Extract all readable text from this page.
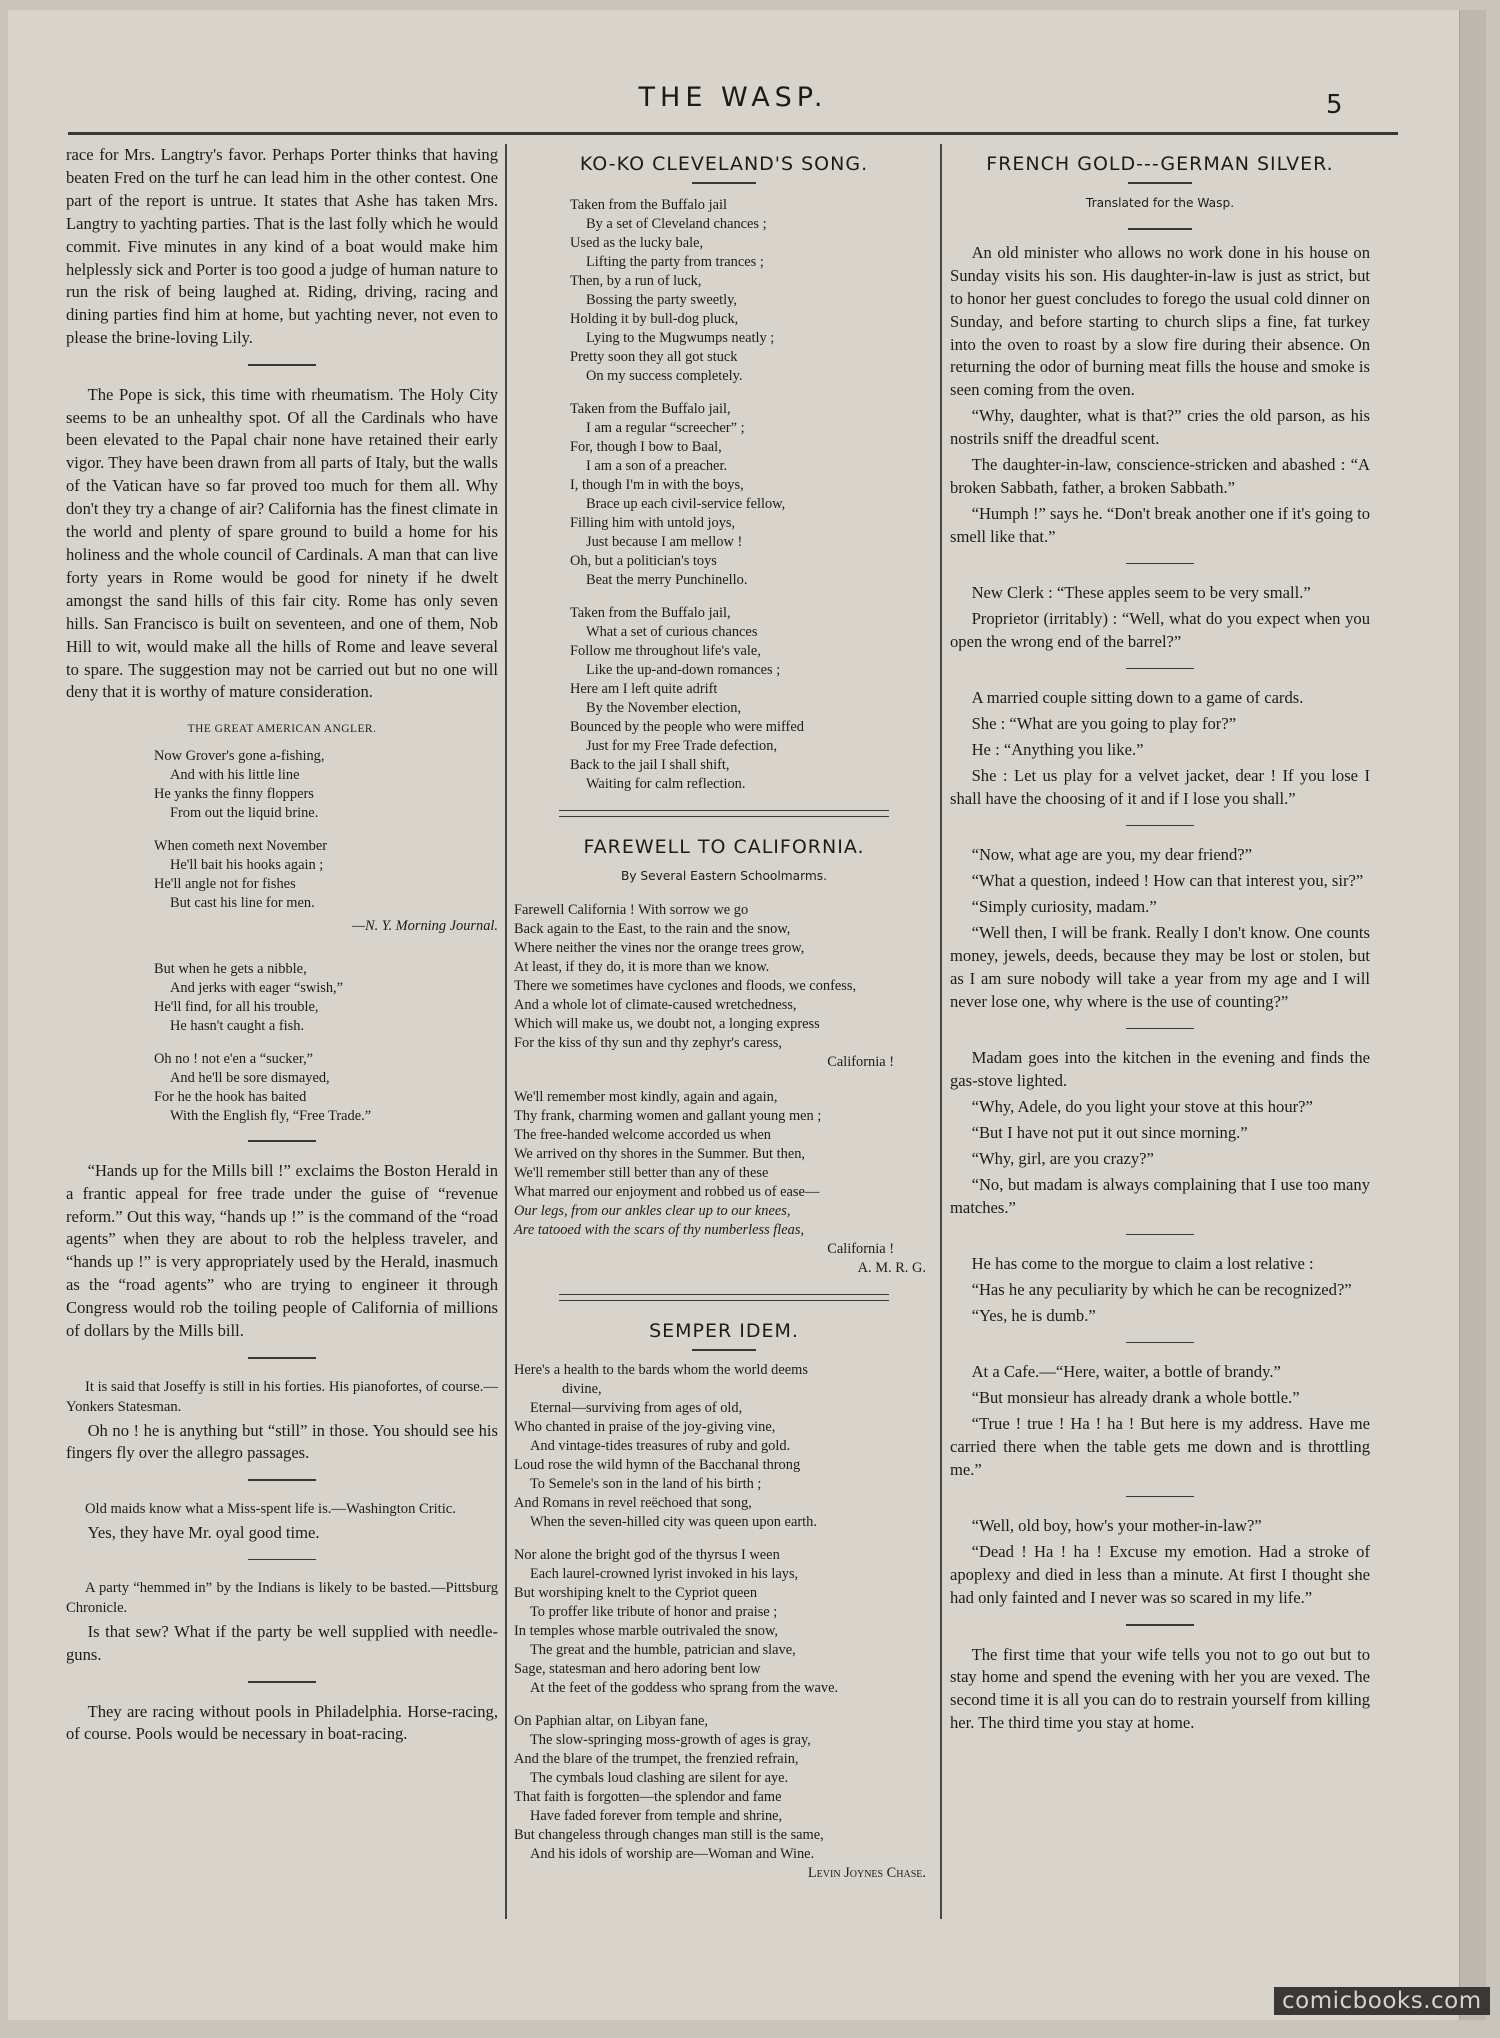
THE WASP.	5

race for Mrs. Langtry's favor. Perhaps Porter thinks that having beaten Fred on the turf he can lead him in the other contest. One part of the report is untrue. It states that Ashe has taken Mrs. Langtry to yachting parties. That is the last folly which he would commit. Five minutes in any kind of a boat would make him helplessly sick and Porter is too good a judge of human nature to run the risk of being laughed at. Riding, driving, racing and dining parties find him at home, but yachting never, not even to please the brine-loving Lily.

The Pope is sick, this time with rheumatism. The Holy City seems to be an unhealthy spot. Of all the Cardinals who have been elevated to the Papal chair none have retained their early vigor. They have been drawn from all parts of Italy, but the walls of the Vatican have so far proved too much for them all. Why don't they try a change of air? California has the finest climate in the world and plenty of spare ground to build a home for his holiness and the whole council of Cardinals. A man that can live forty years in Rome would be good for ninety if he dwelt amongst the sand hills of this fair city. Rome has only seven hills. San Francisco is built on seventeen, and one of them, Nob Hill to wit, would make all the hills of Rome and leave several to spare. The suggestion may not be carried out but no one will deny that it is worthy of mature consideration.

THE GREAT AMERICAN ANGLER.
Now Grover's gone a-fishing,
And with his little line
He yanks the finny floppers
From out the liquid brine.
When cometh next November
He'll bait his hooks again ;
He'll angle not for fishes
But cast his line for men.
—N. Y. Morning Journal.
But when he gets a nibble,
And jerks with eager “swish,”
He'll find, for all his trouble,
He hasn't caught a fish.
Oh no ! not e'en a “sucker,”
And he'll be sore dismayed,
For he the hook has baited
With the English fly, “Free Trade.”

“Hands up for the Mills bill !” exclaims the Boston Herald in a frantic appeal for free trade under the guise of “revenue reform.” Out this way, “hands up !” is the command of the “road agents” when they are about to rob the helpless traveler, and “hands up !” is very appropriately used by the Herald, inasmuch as the “road agents” who are trying to engineer it through Congress would rob the toiling people of California of millions of dollars by the Mills bill.

It is said that Joseffy is still in his forties. His pianofortes, of course.—Yonkers Statesman.

Oh no ! he is anything but “still” in those. You should see his fingers fly over the allegro passages.

Old maids know what a Miss-spent life is.—Washington Critic.

Yes, they have Mr. oyal good time.

A party “hemmed in” by the Indians is likely to be basted.—Pittsburg Chronicle.

Is that sew? What if the party be well supplied with needle-guns.

They are racing without pools in Philadelphia. Horse-racing, of course. Pools would be necessary in boat-racing.

KO-KO CLEVELAND'S SONG.
Taken from the Buffalo jail
By a set of Cleveland chances ;
Used as the lucky bale,
Lifting the party from trances ;
Then, by a run of luck,
Bossing the party sweetly,
Holding it by bull-dog pluck,
Lying to the Mugwumps neatly ;
Pretty soon they all got stuck
On my success completely.
Taken from the Buffalo jail,
I am a regular “screecher” ;
For, though I bow to Baal,
I am a son of a preacher.
I, though I'm in with the boys,
Brace up each civil-service fellow,
Filling him with untold joys,
Just because I am mellow !
Oh, but a politician's toys
Beat the merry Punchinello.
Taken from the Buffalo jail,
What a set of curious chances
Follow me throughout life's vale,
Like the up-and-down romances ;
Here am I left quite adrift
By the November election,
Bounced by the people who were miffed
Just for my Free Trade defection,
Back to the jail I shall shift,
Waiting for calm reflection.
FAREWELL TO CALIFORNIA.
By Several Eastern Schoolmarms.
Farewell California ! With sorrow we go
Back again to the East, to the rain and the snow,
Where neither the vines nor the orange trees grow,
At least, if they do, it is more than we know.
There we sometimes have cyclones and floods, we confess,
And a whole lot of climate-caused wretchedness,
Which will make us, we doubt not, a longing express
For the kiss of thy sun and thy zephyr's caress,
California !
We'll remember most kindly, again and again,
Thy frank, charming women and gallant young men ;
The free-handed welcome accorded us when
We arrived on thy shores in the Summer. But then,
We'll remember still better than any of these
What marred our enjoyment and robbed us of ease—
Our legs, from our ankles clear up to our knees,
Are tatooed with the scars of thy numberless fleas,
California !
A. M. R. G.
SEMPER IDEM.
Here's a health to the bards whom the world deems
divine,
Eternal—surviving from ages of old,
Who chanted in praise of the joy-giving vine,
And vintage-tides treasures of ruby and gold.
Loud rose the wild hymn of the Bacchanal throng
To Semele's son in the land of his birth ;
And Romans in revel reëchoed that song,
When the seven-hilled city was queen upon earth.
Nor alone the bright god of the thyrsus I ween
Each laurel-crowned lyrist invoked in his lays,
But worshiping knelt to the Cypriot queen
To proffer like tribute of honor and praise ;
In temples whose marble outrivaled the snow,
The great and the humble, patrician and slave,
Sage, statesman and hero adoring bent low
At the feet of the goddess who sprang from the wave.
On Paphian altar, on Libyan fane,
The slow-springing moss-growth of ages is gray,
And the blare of the trumpet, the frenzied refrain,
The cymbals loud clashing are silent for aye.
That faith is forgotten—the splendor and fame
Have faded forever from temple and shrine,
But changeless through changes man still is the same,
And his idols of worship are—Woman and Wine.
Levin Joynes Chase.
FRENCH GOLD---GERMAN SILVER.
Translated for the Wasp.

An old minister who allows no work done in his house on Sunday visits his son. His daughter-in-law is just as strict, but to honor her guest concludes to forego the usual cold dinner on Sunday, and before starting to church slips a fine, fat turkey into the oven to roast by a slow fire during their absence. On returning the odor of burning meat fills the house and smoke is seen coming from the oven.

“Why, daughter, what is that?” cries the old parson, as his nostrils sniff the dreadful scent.

The daughter-in-law, conscience-stricken and abashed : “A broken Sabbath, father, a broken Sabbath.”

“Humph !” says he. “Don't break another one if it's going to smell like that.”

New Clerk : “These apples seem to be very small.”

Proprietor (irritably) : “Well, what do you expect when you open the wrong end of the barrel?”

A married couple sitting down to a game of cards.

She : “What are you going to play for?”

He : “Anything you like.”

She : Let us play for a velvet jacket, dear ! If you lose I shall have the choosing of it and if I lose you shall.”

“Now, what age are you, my dear friend?”

“What a question, indeed ! How can that interest you, sir?”

“Simply curiosity, madam.”

“Well then, I will be frank. Really I don't know. One counts money, jewels, deeds, because they may be lost or stolen, but as I am sure nobody will take a year from my age and I will never lose one, why where is the use of counting?”

Madam goes into the kitchen in the evening and finds the gas-stove lighted.

“Why, Adele, do you light your stove at this hour?”

“But I have not put it out since morning.”

“Why, girl, are you crazy?”

“No, but madam is always complaining that I use too many matches.”

He has come to the morgue to claim a lost relative :

“Has he any peculiarity by which he can be recognized?”

“Yes, he is dumb.”

At a Cafe.—“Here, waiter, a bottle of brandy.”

“But monsieur has already drank a whole bottle.”

“True ! true ! Ha ! ha ! But here is my address. Have me carried there when the table gets me down and is throttling me.”

“Well, old boy, how's your mother-in-law?”

“Dead ! Ha ! ha ! Excuse my emotion. Had a stroke of apoplexy and died in less than a minute. At first I thought she had only fainted and I never was so scared in my life.”

The first time that your wife tells you not to go out but to stay home and spend the evening with her you are vexed. The second time it is all you can do to restrain yourself from killing her. The third time you stay at home.

comicbooks.com
